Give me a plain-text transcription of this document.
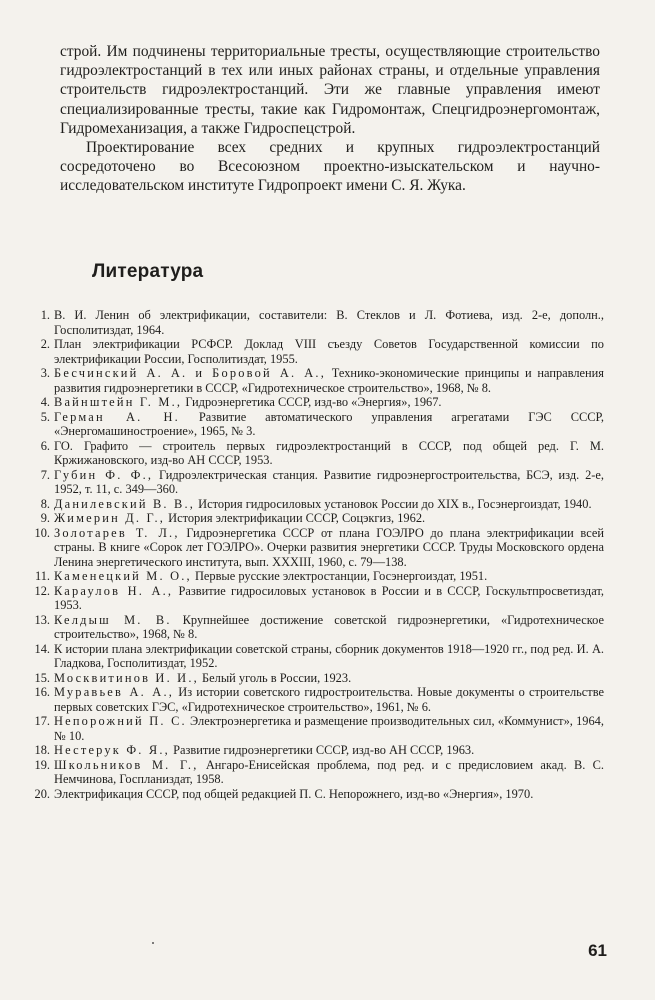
строй. Им подчинены территориальные тресты, осуществляющие строительство гидроэлектростанций в тех или иных районах страны, и отдельные управления строительств гидроэлектростанций. Эти же главные управления имеют специализированные тресты, такие как Гидромонтаж, Спецгидроэнергомонтаж, Гидромеханизация, а также Гидроспецстрой.

Проектирование всех средних и крупных гидроэлектростанций сосредоточено во Всесоюзном проектно-изыскательском и научно-исследовательском институте Гидропроект имени С. Я. Жука.

Литература
1. В. И. Ленин об электрификации, составители: В. Стеклов и Л. Фотиева, изд. 2-е, дополн., Госполитиздат, 1964.
2. План электрификации РСФСР. Доклад VIII съезду Советов Государственной комиссии по электрификации России, Госполитиздат, 1955.
3. Бесчинский А. А. и Боровой А. А., Технико-экономические принципы и направления развития гидроэнергетики в СССР, «Гидротехническое строительство», 1968, № 8.
4. Вайнштейн Г. М., Гидроэнергетика СССР, изд-во «Энергия», 1967.
5. Герман А. Н. Развитие автоматического управления агрегатами ГЭС СССР, «Энергомашиностроение», 1965, № 3.
6. ГО. Графито — строитель первых гидроэлектростанций в СССР, под общей ред. Г. М. Кржижановского, изд-во АН СССР, 1953.
7. Губин Ф. Ф., Гидроэлектрическая станция. Развитие гидроэнергостроительства, БСЭ, изд. 2-е, 1952, т. 11, с. 349—360.
8. Данилевский В. В., История гидросиловых установок России до XIX в., Госэнергоиздат, 1940.
9. Жимерин Д. Г., История электрификации СССР, Соцэкгиз, 1962.
10. Золотарев Т. Л., Гидроэнергетика СССР от плана ГОЭЛРО до плана электрификации всей страны. В книге «Сорок лет ГОЭЛРО». Очерки развития энергетики СССР. Труды Московского ордена Ленина энергетического института, вып. XXXIII, 1960, с. 79—138.
11. Каменецкий М. О., Первые русские электростанции, Госэнергоиздат, 1951.
12. Караулов Н. А., Развитие гидросиловых установок в России и в СССР, Госкультпросветиздат, 1953.
13. Келдыш М. В. Крупнейшее достижение советской гидроэнергетики, «Гидротехническое строительство», 1968, № 8.
14. К истории плана электрификации советской страны, сборник документов 1918—1920 гг., под ред. И. А. Гладкова, Госполитиздат, 1952.
15. Москвитинов И. И., Белый уголь в России, 1923.
16. Муравьев А. А., Из истории советского гидростроительства. Новые документы о строительстве первых советских ГЭС, «Гидротехническое строительство», 1961, № 6.
17. Непорожний П. С. Электроэнергетика и размещение производительных сил, «Коммунист», 1964, № 10.
18. Нестерук Ф. Я., Развитие гидроэнергетики СССР, изд-во АН СССР, 1963.
19. Школьников М. Г., Ангаро-Енисейская проблема, под ред. и с предисловием акад. В. С. Немчинова, Госпланиздат, 1958.
20. Электрификация СССР, под общей редакцией П. С. Непорожнего, изд-во «Энергия», 1970.
61
